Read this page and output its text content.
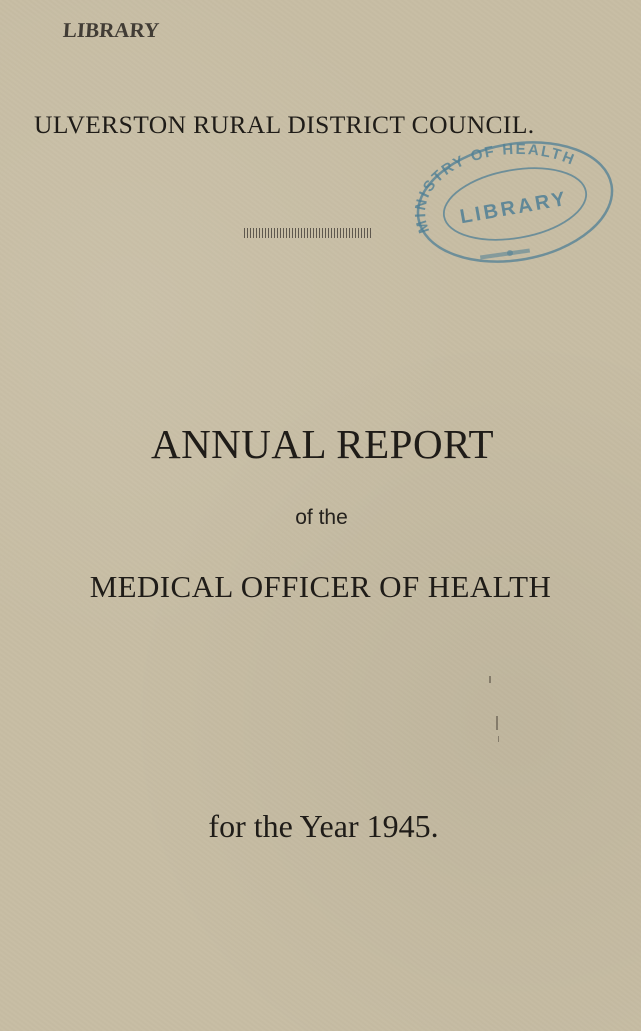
LIBRARY
ULVERSTON RURAL DISTRICT COUNCIL.
MINISTRY OF HEALTH
LIBRARY
ANNUAL REPORT
of the
MEDICAL OFFICER OF HEALTH
for the Year 1945.
